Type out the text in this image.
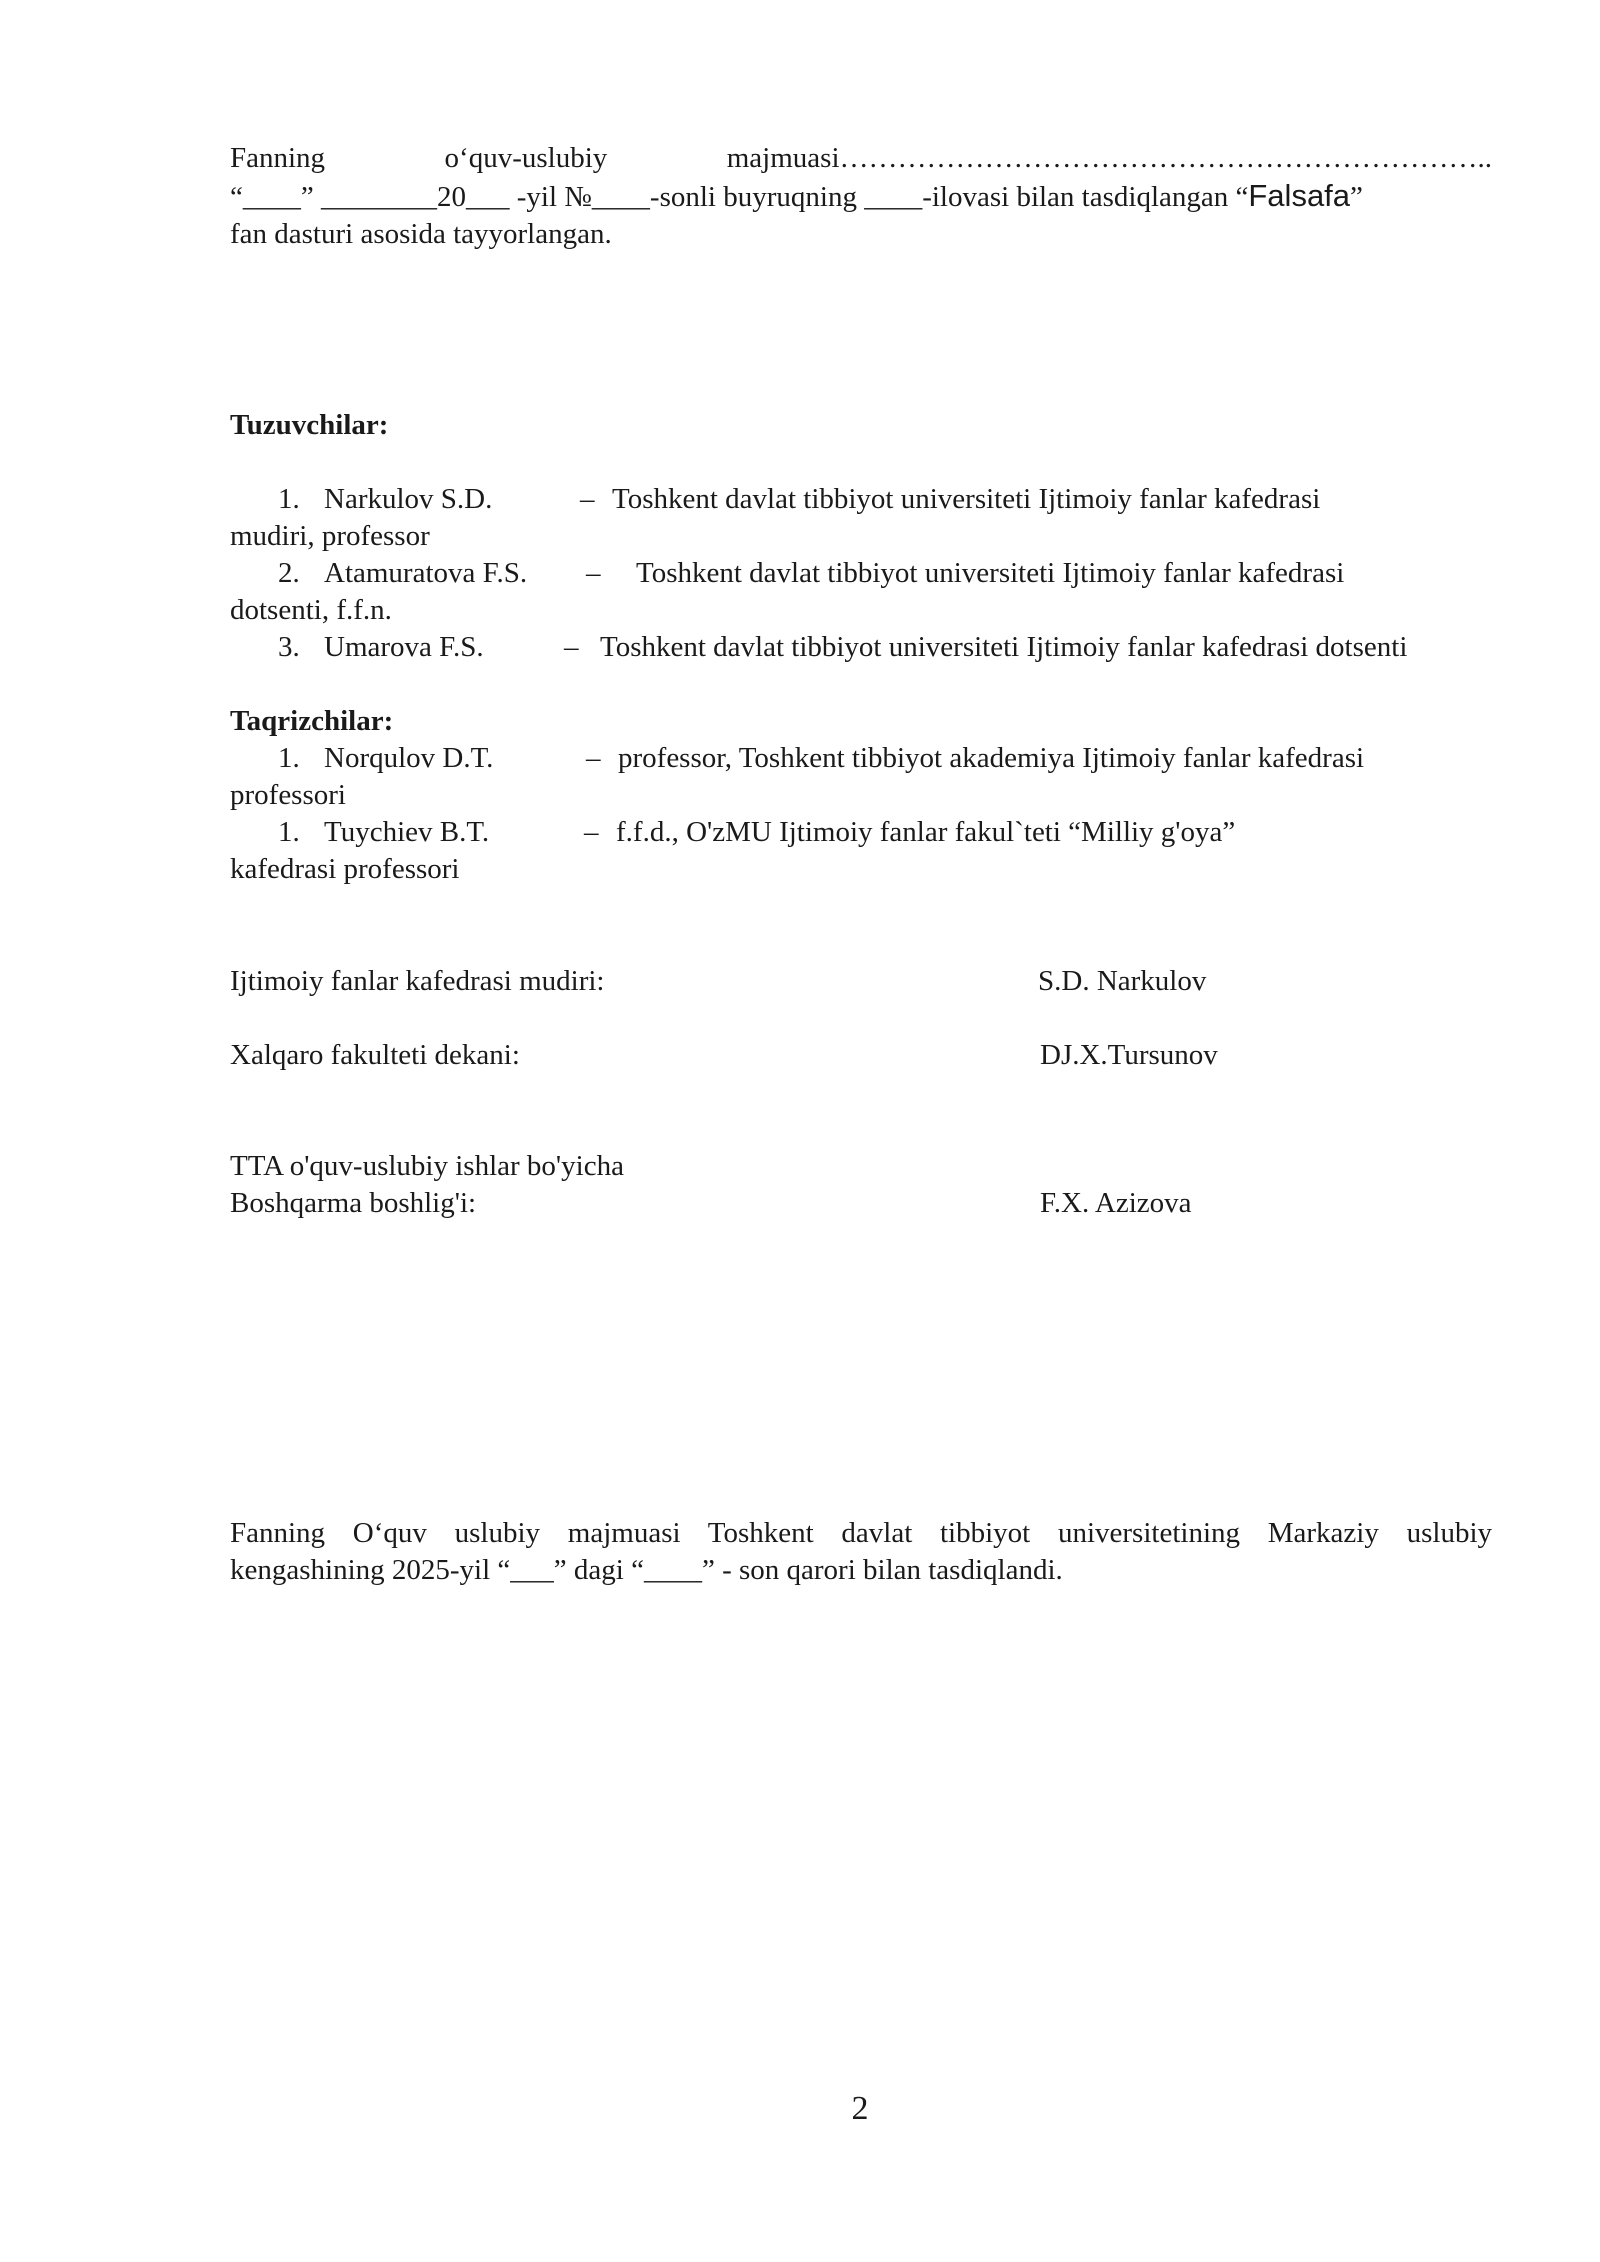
Fanning	o‘quv-uslubiy	majmuasi…………………………………………………………..
“____” ________20___ -yil №____-sonli buyruqning ____-ilovasi bilan tasdiqlangan “Falsafa”
fan dasturi asosida tayyorlangan.
Tuzuvchilar:
1. Narkulov S.D.	– Toshkent davlat tibbiyot universiteti Ijtimoiy fanlar kafedrasi
mudiri, professor
2. Atamuratova F.S. – Toshkent davlat tibbiyot universiteti Ijtimoiy fanlar kafedrasi
dotsenti, f.f.n.
3. Umarova F.S.	– Toshkent davlat tibbiyot universiteti Ijtimoiy fanlar kafedrasi dotsenti
Taqrizchilar:
1. Norqulov D.T.	– professor, Toshkent tibbiyot akademiya Ijtimoiy fanlar kafedrasi
professori
1. Tuychiev B.T.	– f.f.d., O'zMU Ijtimoiy fanlar fakul`teti “Milliy g'oya”
kafedrasi professori
Ijtimoiy fanlar kafedrasi mudiri:	S.D. Narkulov
Xalqaro fakulteti dekani:	DJ.X.Tursunov
TTA o'quv-uslubiy ishlar bo'yicha
Boshqarma boshlig'i:	F.X. Azizova
Fanning O‘quv uslubiy majmuasi Toshkent davlat tibbiyot universitetining Markaziy uslubiy
kengashining 2025-yil “___” dagi “____” - son qarori bilan tasdiqlandi.
2
